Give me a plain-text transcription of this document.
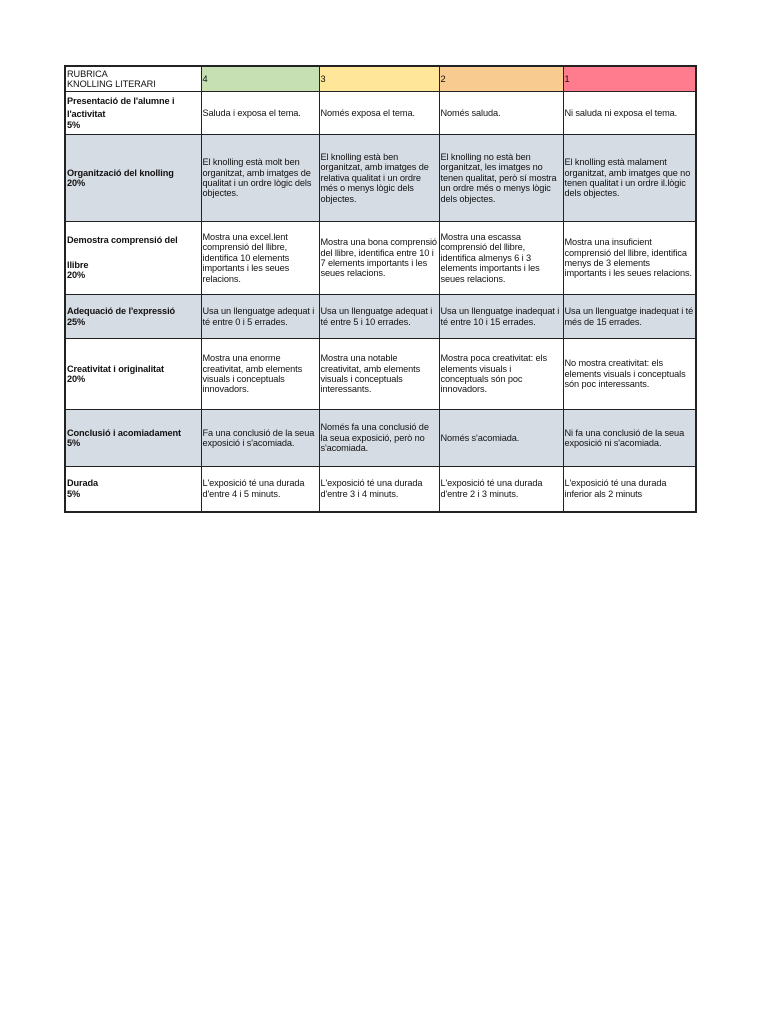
RUBRICA
KNOLLING LITERARI	4	3	2	1

Presentació de l'alumne i
l'activitat
5%	Saluda i exposa el tema.	Només exposa el tema.	Només saluda.	Ni saluda ni exposa el tema.

Organització del knolling
20%	El knolling està molt ben organitzat, amb imatges de qualitat i un ordre lògic dels objectes.	El knolling està ben organitzat, amb imatges de relativa qualitat i un ordre més o menys lògic dels objectes.	El knolling no està ben organitzat, les imatges no tenen qualitat, però sí mostra un ordre més o menys lògic dels objectes.	El knolling està malament organitzat, amb imatges que no tenen qualitat i un ordre il.lògic dels objectes.

Demostra comprensió del
llibre
20%	Mostra una excel.lent comprensió del llibre, identifica 10 elements importants i les seues relacions.	Mostra una bona comprensió del llibre, identifica entre 10 i 7 elements importants i les seues relacions.	Mostra una escassa comprensió del llibre, identifica almenys 6 i 3 elements importants i les seues relacions.	Mostra una insuficient comprensió del llibre, identifica menys de 3 elements importants i les seues relacions.

Adequació de l'expressió
25%	Usa un llenguatge adequat i té entre 0 i 5 errades.	Usa un llenguatge adequat i té entre 5 i 10 errades.	Usa un llenguatge inadequat i té entre 10 i 15 errades.	Usa un llenguatge inadequat i té més de 15 errades.

Creativitat i originalitat
20%	Mostra una enorme creativitat, amb elements visuals i conceptuals innovadors.	Mostra una notable creativitat, amb elements visuals i conceptuals interessants.	Mostra poca creativitat: els elements visuals i conceptuals són poc innovadors.	No mostra creativitat: els elements visuals i conceptuals són poc interessants.

Conclusió i acomiadament
5%	Fa una conclusió de la seua exposició i s'acomiada.	Només fa una conclusió de la seua exposició, però no s'acomiada.	Només s'acomiada.	Ni fa una conclusió de la seua exposició ni s'acomiada.

Durada
5%	L'exposició té una durada d'entre 4 i 5 minuts.	L'exposició té una durada d'entre 3 i 4 minuts.	L'exposició té una durada d'entre 2 i 3 minuts.	L'exposició té una durada inferior als 2 minuts
